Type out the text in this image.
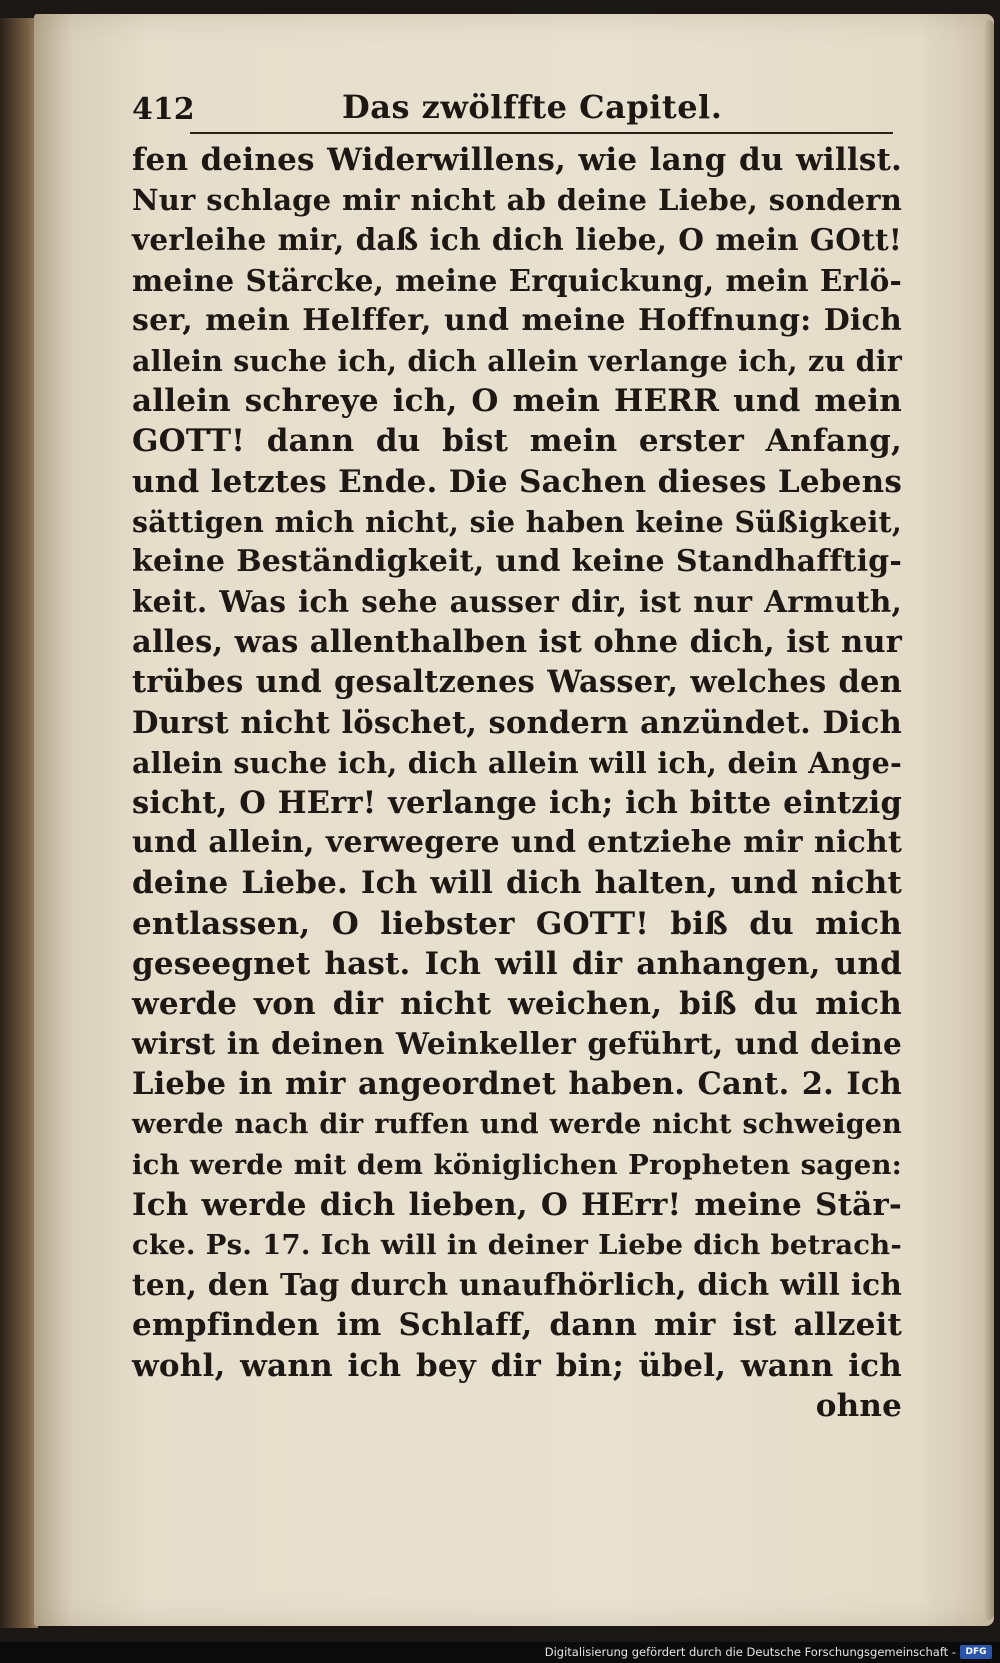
412	Das zwölffte Capitel.
fen deines Widerwillens, wie lang du willst.
Nur schlage mir nicht ab deine Liebe, sondern
verleihe mir, daß ich dich liebe, O mein GOtt!
meine Stärcke, meine Erquickung, mein Erlö-
ser, mein Helffer, und meine Hoffnung: Dich
allein suche ich, dich allein verlange ich, zu dir
allein schreye ich, O mein HERR und mein
GOTT! dann du bist mein erster Anfang,
und letztes Ende. Die Sachen dieses Lebens
sättigen mich nicht, sie haben keine Süßigkeit,
keine Beständigkeit, und keine Standhafftig-
keit. Was ich sehe ausser dir, ist nur Armuth,
alles, was allenthalben ist ohne dich, ist nur
trübes und gesaltzenes Wasser, welches den
Durst nicht löschet, sondern anzündet. Dich
allein suche ich, dich allein will ich, dein Ange-
sicht, O HErr! verlange ich; ich bitte eintzig
und allein, verwegere und entziehe mir nicht
deine Liebe. Ich will dich halten, und nicht
entlassen, O liebster GOTT! biß du mich
geseegnet hast. Ich will dir anhangen, und
werde von dir nicht weichen, biß du mich
wirst in deinen Weinkeller geführt, und deine
Liebe in mir angeordnet haben. Cant. 2. Ich
werde nach dir ruffen und werde nicht schweigen
ich werde mit dem königlichen Propheten sagen:
Ich werde dich lieben, O HErr! meine Stär-
cke. Ps. 17. Ich will in deiner Liebe dich betrach-
ten, den Tag durch unaufhörlich, dich will ich
empfinden im Schlaff, dann mir ist allzeit
wohl, wann ich bey dir bin; übel, wann ich
ohne
Digitalisierung gefördert durch die Deutsche Forschungsgemeinschaft -	DFG
